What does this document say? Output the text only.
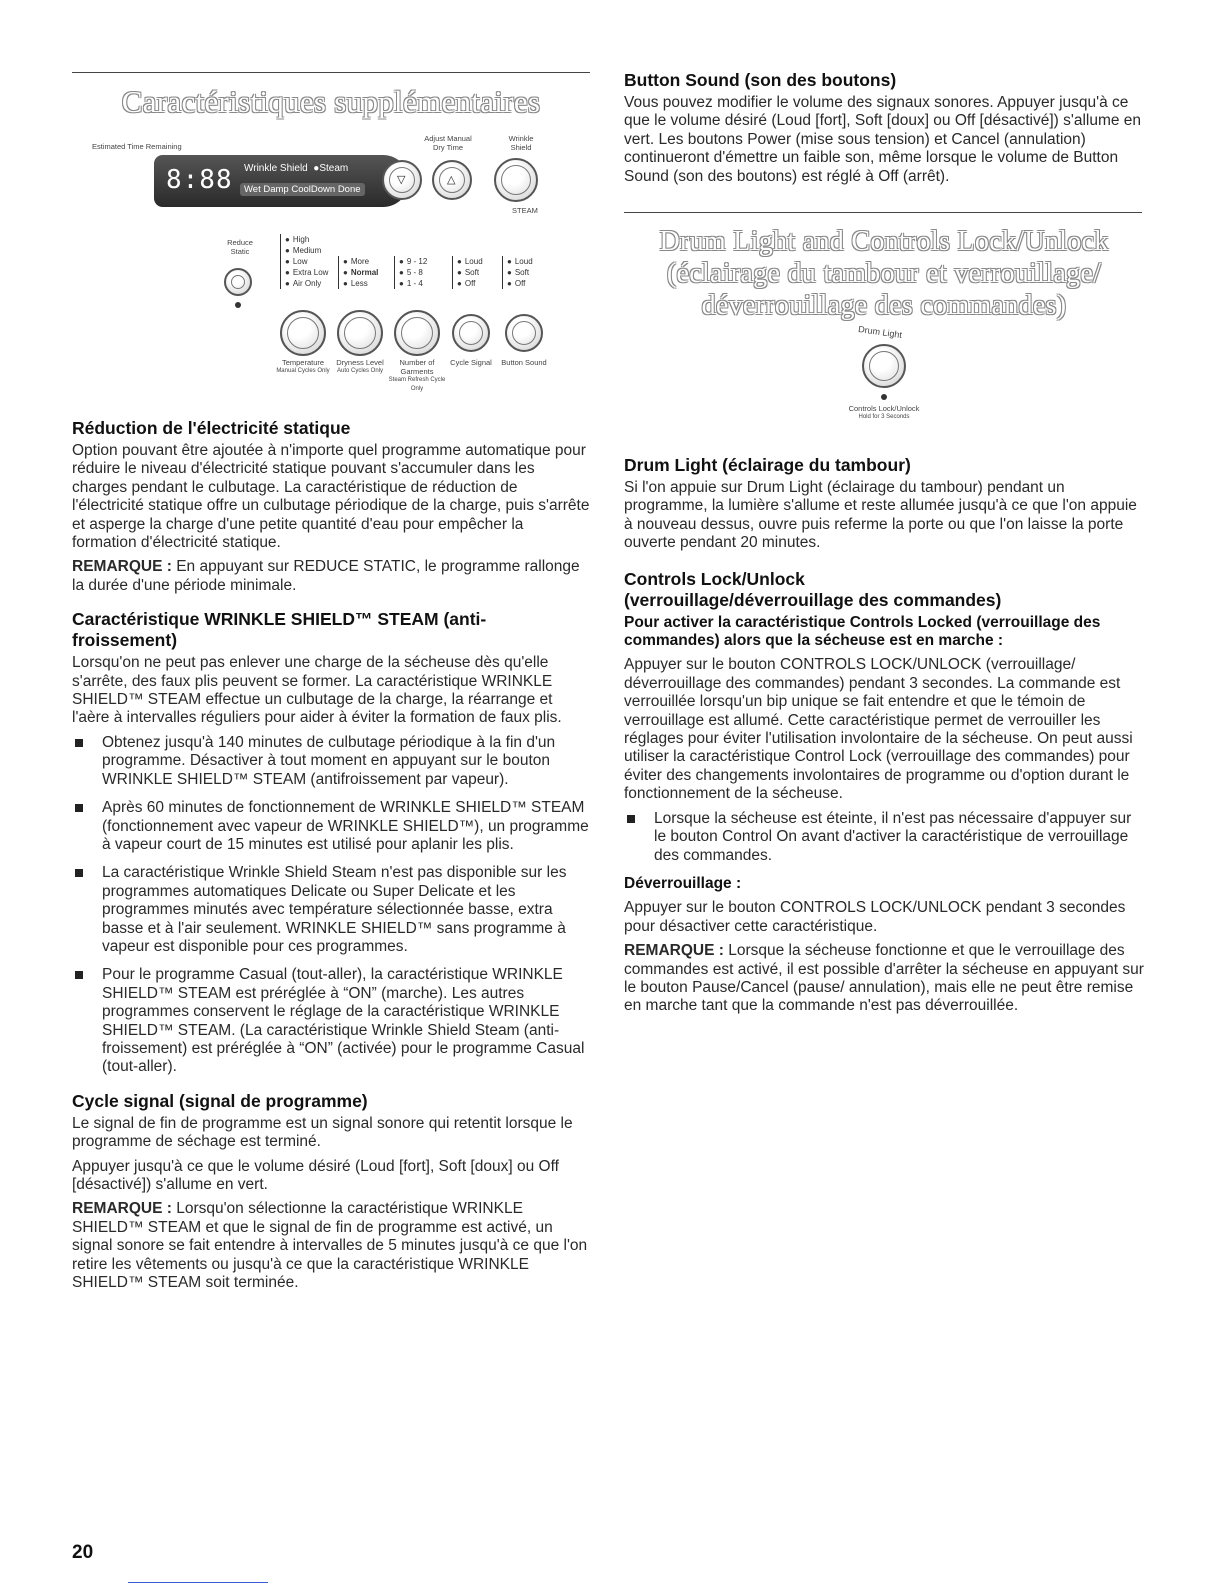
Caractéristiques supplémentaires
Estimated Time Remaining
Adjust Manual Dry Time
Wrinkle Shield
8:88 Wrinkle Shield  ●Steam
Wet Damp CoolDown Done
▽	△
STEAM
Reduce Static
● High
● Medium
● Low
● Extra Low
● Air Only
● More
● Normal
● Less
● 9 - 12
● 5 - 8
● 1 - 4
● Loud
● Soft
● Off
● Loud
● Soft
● Off
Temperature
Manual Cycles Only
Dryness Level
Auto Cycles Only
Number of Garments
Steam Refresh Cycle Only
Cycle Signal	Button Sound
Réduction de l'électricité statique

Option pouvant être ajoutée à n'importe quel programme automatique pour réduire le niveau d'électricité statique pouvant s'accumuler dans les charges pendant le culbutage. La caractéristique de réduction de l'électricité statique offre un culbutage périodique de la charge, puis s'arrête et asperge la charge d'une petite quantité d'eau pour empêcher la formation d'électricité statique.

REMARQUE : En appuyant sur REDUCE STATIC, le programme rallonge la durée d'une période minimale.

Caractéristique WRINKLE SHIELD™ STEAM (anti-froissement)

Lorsqu'on ne peut pas enlever une charge de la sécheuse dès qu'elle s'arrête, des faux plis peuvent se former. La caractéristique WRINKLE SHIELD™ STEAM effectue un culbutage de la charge, la réarrange et l'aère à intervalles réguliers pour aider à éviter la formation de faux plis.

Obtenez jusqu'à 140 minutes de culbutage périodique à la fin d'un programme. Désactiver à tout moment en appuyant sur le bouton WRINKLE SHIELD™ STEAM (antifroissement par vapeur).
Après 60 minutes de fonctionnement de WRINKLE SHIELD™ STEAM (fonctionnement avec vapeur de WRINKLE SHIELD™), un programme à vapeur court de 15 minutes est utilisé pour aplanir les plis.
La caractéristique Wrinkle Shield Steam n'est pas disponible sur les programmes automatiques Delicate ou Super Delicate et les programmes minutés avec température sélectionnée basse, extra basse et à l'air seulement. WRINKLE SHIELD™ sans programme à vapeur est disponible pour ces programmes.
Pour le programme Casual (tout-aller), la caractéristique WRINKLE SHIELD™ STEAM est préréglée à “ON” (marche). Les autres programmes conservent le réglage de la caractéristique WRINKLE SHIELD™ STEAM. (La caractéristique Wrinkle Shield Steam (anti-froissement) est préréglée à “ON” (activée) pour le programme Casual (tout-aller).
Cycle signal (signal de programme)

Le signal de fin de programme est un signal sonore qui retentit lorsque le programme de séchage est terminé.

Appuyer jusqu'à ce que le volume désiré (Loud [fort], Soft [doux] ou Off [désactivé]) s'allume en vert.

REMARQUE : Lorsqu'on sélectionne la caractéristique WRINKLE SHIELD™ STEAM et que le signal de fin de programme est activé, un signal sonore se fait entendre à intervalles de 5 minutes jusqu'à ce que l'on retire les vêtements ou jusqu'à ce que la caractéristique WRINKLE SHIELD™ STEAM soit terminée.

Button Sound (son des boutons)

Vous pouvez modifier le volume des signaux sonores. Appuyer jusqu'à ce que le volume désiré (Loud [fort], Soft [doux] ou Off [désactivé]) s'allume en vert. Les boutons Power (mise sous tension) et Cancel (annulation) continueront d'émettre un faible son, même lorsque le volume de Button Sound (son des boutons) est réglé à Off (arrêt).

Drum Light and Controls Lock/Unlock
(éclairage du tambour et verrouillage/
déverrouillage des commandes)
Drum Light
Controls Lock/Unlock
Hold for 3 Seconds
Drum Light (éclairage du tambour)

Si l'on appuie sur Drum Light (éclairage du tambour) pendant un programme, la lumière s'allume et reste allumée jusqu'à ce que l'on appuie à nouveau dessus, ouvre puis referme la porte ou que l'on laisse la porte ouverte pendant 20 minutes.

Controls Lock/Unlock
(verrouillage/déverrouillage des commandes)

Pour activer la caractéristique Controls Locked (verrouillage des commandes) alors que la sécheuse est en marche :

Appuyer sur le bouton CONTROLS LOCK/UNLOCK (verrouillage/ déverrouillage des commandes) pendant 3 secondes. La commande est verrouillée lorsqu'un bip unique se fait entendre et que le témoin de verrouillage est allumé. Cette caractéristique permet de verrouiller les réglages pour éviter l'utilisation involontaire de la sécheuse. On peut aussi utiliser la caractéristique Control Lock (verrouillage des commandes) pour éviter des changements involontaires de programme ou d'option durant le fonctionnement de la sécheuse.

Lorsque la sécheuse est éteinte, il n'est pas nécessaire d'appuyer sur le bouton Control On avant d'activer la caractéristique de verrouillage des commandes.

Déverrouillage :

Appuyer sur le bouton CONTROLS LOCK/UNLOCK pendant 3 secondes pour désactiver cette caractéristique.

REMARQUE : Lorsque la sécheuse fonctionne et que le verrouillage des commandes est activé, il est possible d'arrêter la sécheuse en appuyant sur le bouton Pause/Cancel (pause/ annulation), mais elle ne peut être remise en marche tant que la commande n'est pas déverrouillée.

20
